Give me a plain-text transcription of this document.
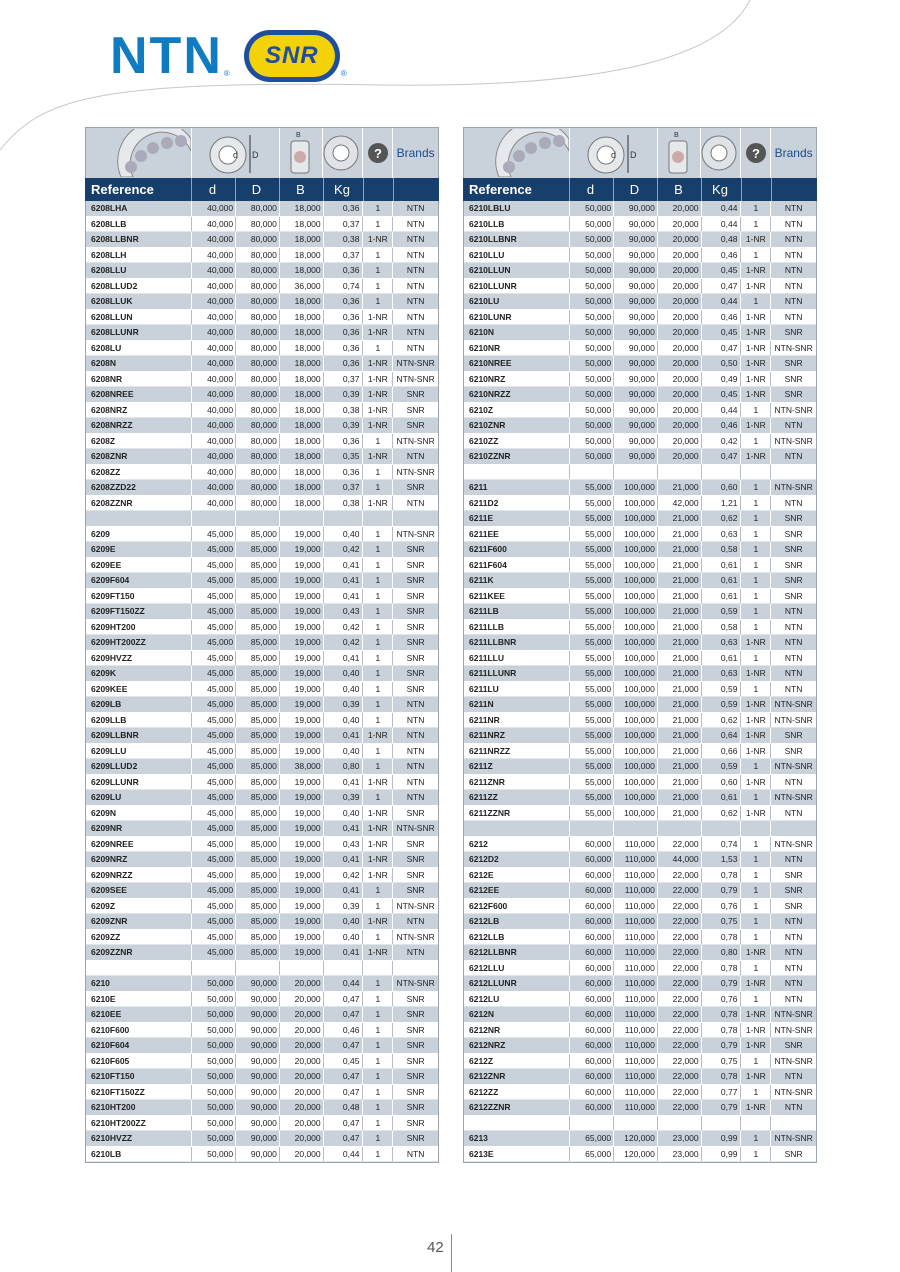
NTN ®
SNR
®
d D
B
? Brands
Reference	d	D	B	Kg
6208LHA	40,000	80,000	18,000	0,36	1	NTN
6208LLB	40,000	80,000	18,000	0,37	1	NTN
6208LLBNR	40,000	80,000	18,000	0,38 1-NR	NTN
6208LLH	40,000	80,000	18,000	0,37	1	NTN
6208LLU	40,000	80,000	18,000	0,36	1	NTN
6208LLUD2	40,000	80,000	36,000	0,74	1	NTN
6208LLUK	40,000	80,000	18,000	0,36	1	NTN
6208LLUN	40,000	80,000	18,000	0,36 1-NR	NTN
6208LLUNR	40,000	80,000	18,000	0,36 1-NR	NTN
6208LU	40,000	80,000	18,000	0,36	1	NTN
6208N	40,000	80,000	18,000	0,36 1-NR	NTN-SNR
6208NR	40,000	80,000	18,000	0,37 1-NR	NTN-SNR
6208NREE	40,000	80,000	18,000	0,39 1-NR	SNR
6208NRZ	40,000	80,000	18,000	0,38 1-NR	SNR
6208NRZZ	40,000	80,000	18,000	0,39 1-NR	SNR
6208Z	40,000	80,000	18,000	0,36	1	NTN-SNR
6208ZNR	40,000	80,000	18,000	0,35 1-NR	NTN
6208ZZ	40,000	80,000	18,000	0,36	1	NTN-SNR
6208ZZD22	40,000	80,000	18,000	0,37	1	SNR
6208ZZNR	40,000	80,000	18,000	0,38 1-NR	NTN
6209	45,000	85,000	19,000	0,40	1	NTN-SNR
6209E	45,000	85,000	19,000	0,42	1	SNR
6209EE	45,000	85,000	19,000	0,41	1	SNR
6209F604	45,000	85,000	19,000	0,41	1	SNR
6209FT150	45,000	85,000	19,000	0,41	1	SNR
6209FT150ZZ	45,000	85,000	19,000	0,43	1	SNR
6209HT200	45,000	85,000	19,000	0,42	1	SNR
6209HT200ZZ	45,000	85,000	19,000	0,42	1	SNR
6209HVZZ	45,000	85,000	19,000	0,41	1	SNR
6209K	45,000	85,000	19,000	0,40	1	SNR
6209KEE	45,000	85,000	19,000	0,40	1	SNR
6209LB	45,000	85,000	19,000	0,39	1	NTN
6209LLB	45,000	85,000	19,000	0,40	1	NTN
6209LLBNR	45,000	85,000	19,000	0,41 1-NR	NTN
6209LLU	45,000	85,000	19,000	0,40	1	NTN
6209LLUD2	45,000	85,000	38,000	0,80	1	NTN
6209LLUNR	45,000	85,000	19,000	0,41 1-NR	NTN
6209LU	45,000	85,000	19,000	0,39	1	NTN
6209N	45,000	85,000	19,000	0,40 1-NR	SNR
6209NR	45,000	85,000	19,000	0,41 1-NR	NTN-SNR
6209NREE	45,000	85,000	19,000	0,43 1-NR	SNR
6209NRZ	45,000	85,000	19,000	0,41 1-NR	SNR
6209NRZZ	45,000	85,000	19,000	0,42 1-NR	SNR
6209SEE	45,000	85,000	19,000	0,41	1	SNR
6209Z	45,000	85,000	19,000	0,39	1	NTN-SNR
6209ZNR	45,000	85,000	19,000	0,40 1-NR	NTN
6209ZZ	45,000	85,000	19,000	0,40	1	NTN-SNR
6209ZZNR	45,000	85,000	19,000	0,41 1-NR	NTN
6210	50,000	90,000	20,000	0,44	1	NTN-SNR
6210E	50,000	90,000	20,000	0,47	1	SNR
6210EE	50,000	90,000	20,000	0,47	1	SNR
6210F600	50,000	90,000	20,000	0,46	1	SNR
6210F604	50,000	90,000	20,000	0,47	1	SNR
6210F605	50,000	90,000	20,000	0,45	1	SNR
6210FT150	50,000	90,000	20,000	0,47	1	SNR
6210FT150ZZ	50,000	90,000	20,000	0,47	1	SNR
6210HT200	50,000	90,000	20,000	0,48	1	SNR
6210HT200ZZ	50,000	90,000	20,000	0,47	1	SNR
6210HVZZ	50,000	90,000	20,000	0,47	1	SNR
6210LB	50,000	90,000	20,000	0,44	1	NTN
d D
B
? Brands
Reference	d	D	B	Kg
6210LBLU	50,000	90,000	20,000	0,44	1	NTN
6210LLB	50,000	90,000	20,000	0,44	1	NTN
6210LLBNR	50,000	90,000	20,000	0,48 1-NR	NTN
6210LLU	50,000	90,000	20,000	0,46	1	NTN
6210LLUN	50,000	90,000	20,000	0,45 1-NR	NTN
6210LLUNR	50,000	90,000	20,000	0,47 1-NR	NTN
6210LU	50,000	90,000	20,000	0,44	1	NTN
6210LUNR	50,000	90,000	20,000	0,46 1-NR	NTN
6210N	50,000	90,000	20,000	0,45 1-NR	SNR
6210NR	50,000	90,000	20,000	0,47 1-NR	NTN-SNR
6210NREE	50,000	90,000	20,000	0,50 1-NR	SNR
6210NRZ	50,000	90,000	20,000	0,49 1-NR	SNR
6210NRZZ	50,000	90,000	20,000	0,45 1-NR	SNR
6210Z	50,000	90,000	20,000	0,44	1	NTN-SNR
6210ZNR	50,000	90,000	20,000	0,46 1-NR	NTN
6210ZZ	50,000	90,000	20,000	0,42	1	NTN-SNR
6210ZZNR	50,000	90,000	20,000	0,47 1-NR	NTN
6211	55,000	100,000	21,000	0,60	1	NTN-SNR
6211D2	55,000	100,000	42,000	1,21	1	NTN
6211E	55,000	100,000	21,000	0,62	1	SNR
6211EE	55,000	100,000	21,000	0,63	1	SNR
6211F600	55,000	100,000	21,000	0,58	1	SNR
6211F604	55,000	100,000	21,000	0,61	1	SNR
6211K	55,000	100,000	21,000	0,61	1	SNR
6211KEE	55,000	100,000	21,000	0,61	1	SNR
6211LB	55,000	100,000	21,000	0,59	1	NTN
6211LLB	55,000	100,000	21,000	0,58	1	NTN
6211LLBNR	55,000	100,000	21,000	0,63 1-NR	NTN
6211LLU	55,000	100,000	21,000	0,61	1	NTN
6211LLUNR	55,000	100,000	21,000	0,63 1-NR	NTN
6211LU	55,000	100,000	21,000	0,59	1	NTN
6211N	55,000	100,000	21,000	0,59 1-NR	NTN-SNR
6211NR	55,000	100,000	21,000	0,62 1-NR	NTN-SNR
6211NRZ	55,000	100,000	21,000	0,64 1-NR	SNR
6211NRZZ	55,000	100,000	21,000	0,66 1-NR	SNR
6211Z	55,000	100,000	21,000	0,59	1	NTN-SNR
6211ZNR	55,000	100,000	21,000	0,60 1-NR	NTN
6211ZZ	55,000	100,000	21,000	0,61	1	NTN-SNR
6211ZZNR	55,000	100,000	21,000	0,62 1-NR	NTN
6212	60,000	110,000	22,000	0,74	1	NTN-SNR
6212D2	60,000	110,000	44,000	1,53	1	NTN
6212E	60,000	110,000	22,000	0,78	1	SNR
6212EE	60,000	110,000	22,000	0,79	1	SNR
6212F600	60,000	110,000	22,000	0,76	1	SNR
6212LB	60,000	110,000	22,000	0,75	1	NTN
6212LLB	60,000	110,000	22,000	0,78	1	NTN
6212LLBNR	60,000	110,000	22,000	0,80 1-NR	NTN
6212LLU	60,000	110,000	22,000	0,78	1	NTN
6212LLUNR	60,000	110,000	22,000	0,79 1-NR	NTN
6212LU	60,000	110,000	22,000	0,76	1	NTN
6212N	60,000	110,000	22,000	0,78 1-NR	NTN-SNR
6212NR	60,000	110,000	22,000	0,78 1-NR	NTN-SNR
6212NRZ	60,000	110,000	22,000	0,79 1-NR	SNR
6212Z	60,000	110,000	22,000	0,75	1	NTN-SNR
6212ZNR	60,000	110,000	22,000	0,78 1-NR	NTN
6212ZZ	60,000	110,000	22,000	0,77	1	NTN-SNR
6212ZZNR	60,000	110,000	22,000	0,79 1-NR	NTN
6213	65,000	120,000	23,000	0,99	1	NTN-SNR
6213E	65,000	120,000	23,000	0,99	1	SNR
42
